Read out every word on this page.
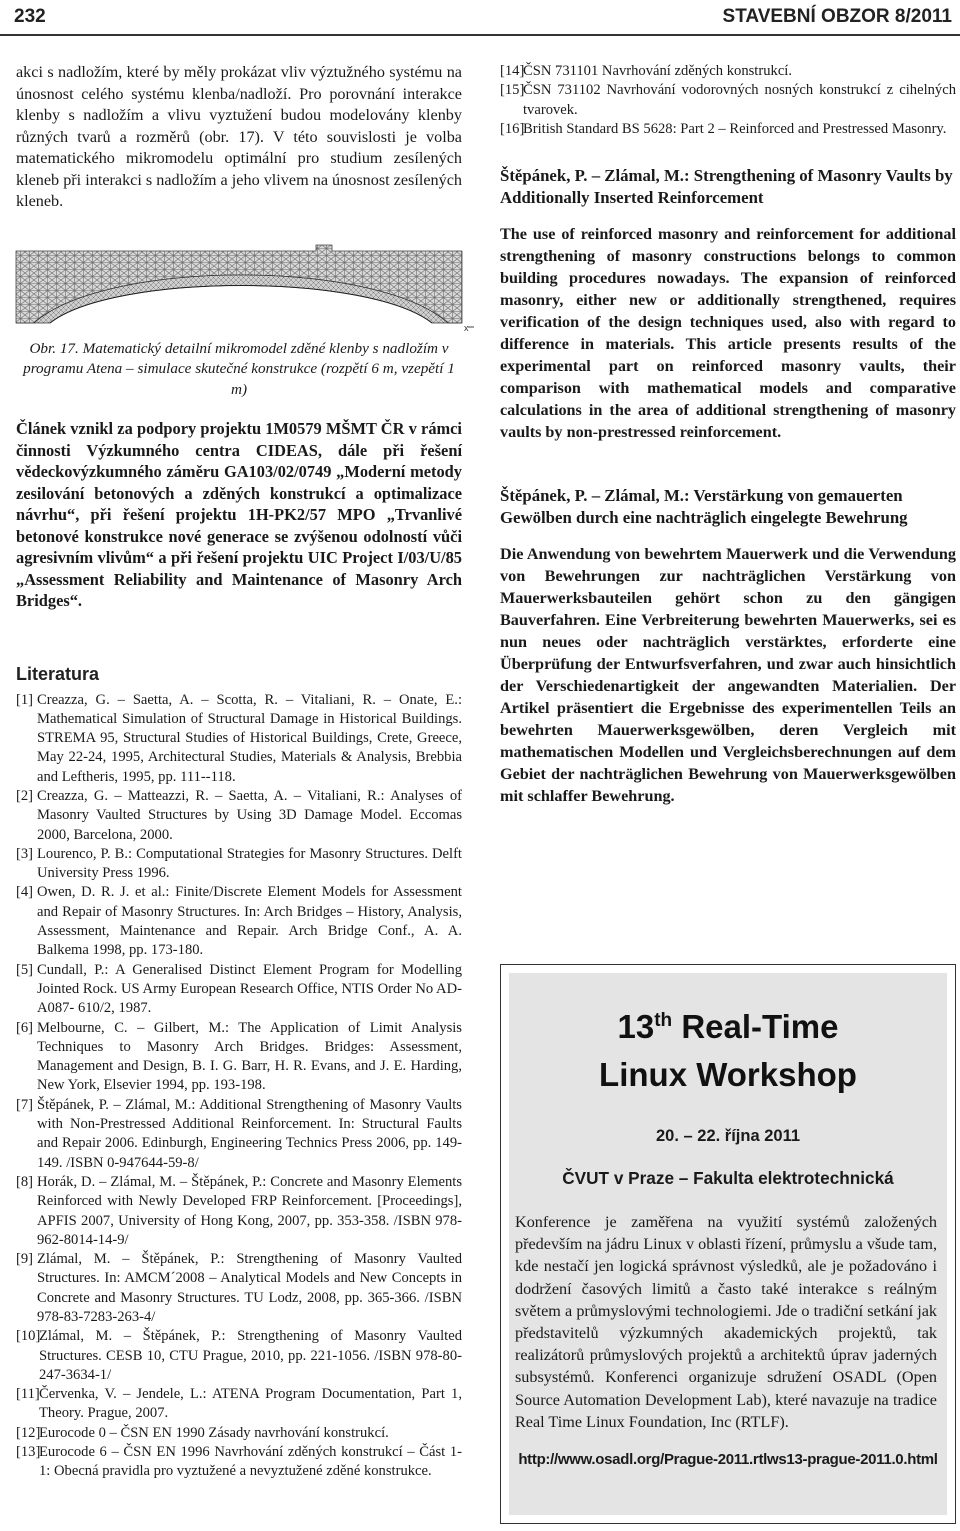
232	STAVEBNÍ OBZOR 8/2011

akci s nadložím, které by měly prokázat vliv výztužného systému na únosnost celého systému klenba/nadloží. Pro porovnání interakce klenby s nadložím a vlivu vyztužení budou modelovány klenby různých tvarů a rozměrů (obr. 17). V této souvislosti je volba matematického mikromodelu optimální pro studium zesílených kleneb při interakci s nadložím a jeho vlivem na únosnost zesílených kleneb.

x

Obr. 17. Matematický detailní mikromodel zděné klenby s nadložím v programu Atena – simulace skutečné konstrukce (rozpětí 6 m, vzepětí 1 m)

Článek vznikl za podpory projektu 1M0579 MŠMT ČR v rámci činnosti Výzkumného centra CIDEAS, dále při řešení vědeckovýzkumného záměru GA103/02/0749 „Moderní metody zesilování betonových a zděných konstrukcí a optimalizace návrhu“, při řešení projektu 1H-PK2/57 MPO „Trvanlivé betonové konstrukce nové generace se zvýšenou odolností vůči agresivním vlivům“ a při řešení projektu UIC Project I/03/U/85 „Assessment Reliability and Maintenance of Masonry Arch Bridges“.

Literatura
[1] Creazza, G. – Saetta, A. – Scotta, R. – Vitaliani, R. – Onate, E.: Mathematical Simulation of Structural Damage in Historical Buildings. STREMA 95, Structural Studies of Historical Buildings, Crete, Greece, May 22-24, 1995, Architectural Studies, Materials & Analysis, Brebbia and Leftheris, 1995, pp. 111--118.
[2] Creazza, G. – Matteazzi, R. – Saetta, A. – Vitaliani, R.: Analyses of Masonry Vaulted Structures by Using 3D Damage Model. Eccomas 2000, Barcelona, 2000.
[3] Lourenco, P. B.: Computational Strategies for Masonry Structures. Delft University Press 1996.
[4] Owen, D. R. J. et al.: Finite/Discrete Element Models for Assessment and Repair of Masonry Structures. In: Arch Bridges – History, Analysis, Assessment, Maintenance and Repair. Arch Bridge Conf., A. A. Balkema 1998, pp. 173-180.
[5] Cundall, P.: A Generalised Distinct Element Program for Modelling Jointed Rock. US Army European Research Office, NTIS Order No AD-A087- 610/2, 1987.
[6] Melbourne, C. – Gilbert, M.: The Application of Limit Analysis Techniques to Masonry Arch Bridges. Bridges: Assessment, Management and Design, B. I. G. Barr, H. R. Evans, and J. E. Harding, New York, Elsevier 1994, pp. 193-198.
[7] Štěpánek, P. – Zlámal, M.: Additional Strengthening of Masonry Vaults with Non-Prestressed Additional Reinforcement. In: Structural Faults and Repair 2006. Edinburgh, Engineering Technics Press 2006, pp. 149-149. /ISBN 0-947644-59-8/
[8] Horák, D. – Zlámal, M. – Štěpánek, P.: Concrete and Masonry Elements Reinforced with Newly Developed FRP Reinforcement. [Proceedings], APFIS 2007, University of Hong Kong, 2007, pp. 353-358. /ISBN 978-962-8014-14-9/
[9] Zlámal, M. – Štěpánek, P.: Strengthening of Masonry Vaulted Structures. In: AMCM´2008 – Analytical Models and New Concepts in Concrete and Masonry Structures. TU Lodz, 2008, pp. 365-366. /ISBN 978-83-7283-263-4/
[10]
Zlámal, M. – Štěpánek, P.: Strengthening of Masonry Vaulted Structures. CESB 10, CTU Prague, 2010, pp. 221-1056. /ISBN 978-80-247-3634-1/
[11] Červenka, V. – Jendele, L.: ATENA Program Documentation, Part 1, Theory. Prague, 2007.
[12]
Eurocode 0 – ČSN EN 1990 Zásady navrhování konstrukcí.
[13]
Eurocode 6 – ČSN EN 1996 Navrhování zděných konstrukcí – Část 1-1: Obecná pravidla pro vyztužené a nevyztužené zděné konstrukce.
[14]
ČSN 731101 Navrhování zděných konstrukcí.
[15]
ČSN 731102 Navrhování vodorovných nosných konstrukcí z cihelných tvarovek.
[16]
British Standard BS 5628: Part 2 – Reinforced and Prestressed Masonry.

Štěpánek, P. – Zlámal, M.: Strengthening of Masonry Vaults by Additionally Inserted Reinforcement

The use of reinforced masonry and reinforcement for additional strengthening of masonry constructions belongs to common building procedures nowadays. The expansion of reinforced masonry, either new or additionally strengthened, requires verification of the design techniques used, also with regard to difference in materials. This article presents results of the experimental part on reinforced masonry vaults, their comparison with mathematical models and comparative calculations in the area of additional strengthening of masonry vaults by non-prestressed reinforcement.

Štěpánek, P. – Zlámal, M.: Verstärkung von gemauerten Gewölben durch eine nachträglich eingelegte Bewehrung

Die Anwendung von bewehrtem Mauerwerk und die Verwendung von Bewehrungen zur nachträglichen Verstärkung von Mauerwerksbauteilen gehört schon zu den gängigen Bauverfahren. Eine Verbreiterung bewehrten Mauerwerks, sei es nun neues oder nachträglich verstärktes, erforderte eine Überprüfung der Entwurfsverfahren, und zwar auch hinsichtlich der Verschiedenartigkeit der angewandten Materialien. Der Artikel präsentiert die Ergebnisse des experimentellen Teils an bewehrten Mauerwerksgewölben, deren Vergleich mit mathematischen Modellen und Vergleichsberechnungen auf dem Gebiet der nachträglichen Bewehrung von Mauerwerksgewölben mit schlaffer Bewehrung.

13th Real-Time
Linux Workshop
20. – 22. října 2011
ČVUT v Praze – Fakulta elektrotechnická

Konference je zaměřena na využití systémů založených především na jádru Linux v oblasti řízení, průmyslu a všude tam, kde nestačí jen logická správnost výsledků, ale je požadováno i dodržení časových limitů a často také interakce s reálným světem a průmyslovými technologiemi. Jde o tradiční setkání jak představitelů výzkumných akademických projektů, tak realizátorů průmyslových projektů a architektů úprav jaderných subsystémů. Konferenci organizuje sdružení OSADL (Open Source Automation Development Lab), které navazuje na tradice Real Time Linux Foundation, Inc (RTLF).

http://www.osadl.org/Prague-2011.rtlws13-prague-2011.0.html
